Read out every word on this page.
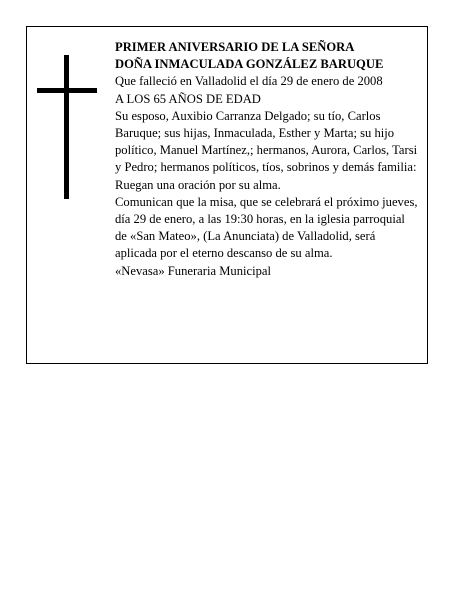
PRIMER ANIVERSARIO DE LA SEÑORA

DOÑA INMACULADA GONZÁLEZ BARUQUE

Que falleció en Valladolid el día 29 de enero de 2008

A LOS 65 AÑOS DE EDAD

Su esposo, Auxibio Carranza Delgado; su tío, Carlos Baruque; sus hijas, Inmaculada, Esther y Marta; su hijo político, Manuel Martínez,; hermanos, Aurora, Carlos, Tarsi y Pedro; hermanos políticos, tíos, sobrinos y demás familia:

Ruegan una oración por su alma.

Comunican que la misa, que se celebrará el próximo jueves, día 29 de enero, a las 19:30 horas, en la iglesia parroquial de «San Mateo», (La Anunciata) de Valladolid, será aplicada por el eterno descanso de su alma.

«Nevasa» Funeraria Municipal
